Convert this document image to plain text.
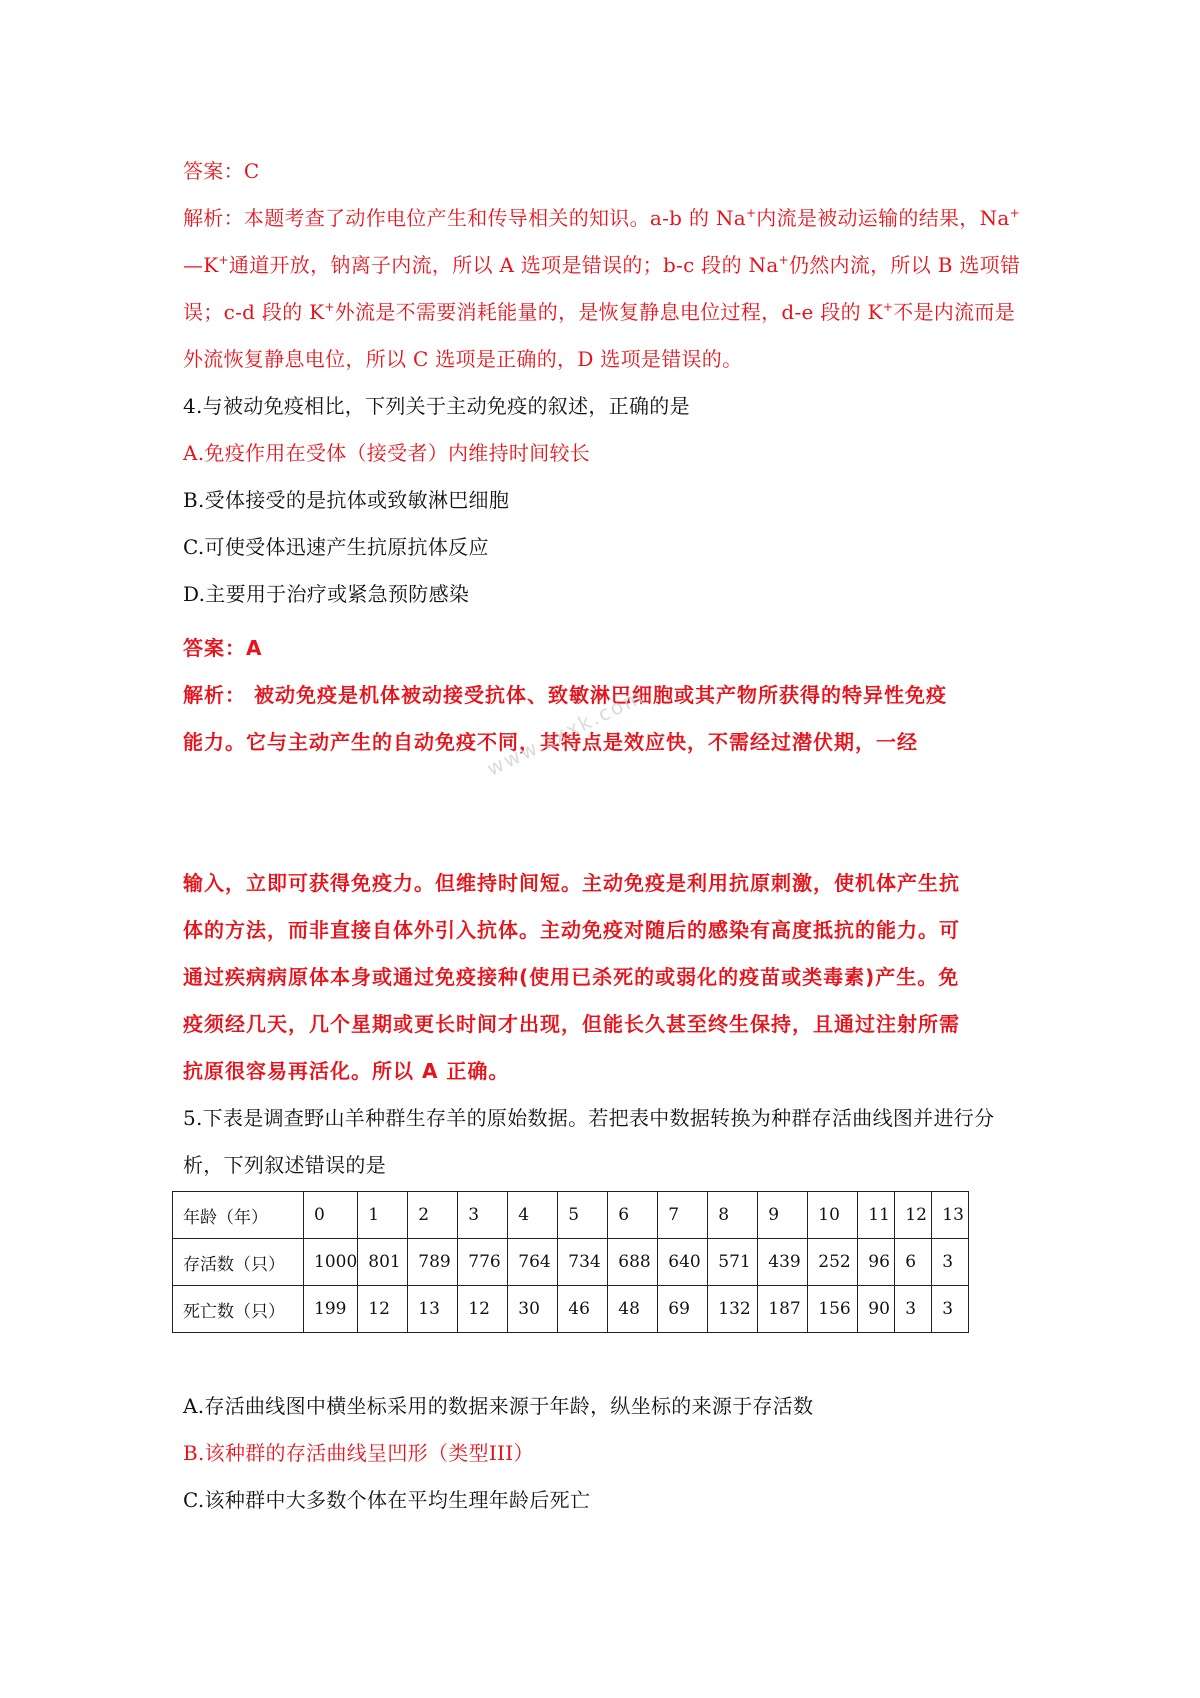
答案：C
解析：本题考查了动作电位产生和传导相关的知识。a-b 的 Na+内流是被动运输的结果，Na+
—K+通道开放，钠离子内流，所以 A 选项是错误的；b-c 段的 Na+仍然内流，所以 B 选项错
误；c-d 段的 K+外流是不需要消耗能量的，是恢复静息电位过程，d-e 段的 K+不是内流而是
外流恢复静息电位，所以 C 选项是正确的，D 选项是错误的。
4.与被动免疫相比，下列关于主动免疫的叙述，正确的是
A.免疫作用在受体（接受者）内维持时间较长
B.受体接受的是抗体或致敏淋巴细胞
C.可使受体迅速产生抗原抗体反应
D.主要用于治疗或紧急预防感染
答案：A
解析： 被动免疫是机体被动接受抗体、致敏淋巴细胞或其产物所获得的特异性免疫
能力。它与主动产生的自动免疫不同，其特点是效应快，不需经过潜伏期，一经
www.zxxk.com
输入，立即可获得免疫力。但维持时间短。主动免疫是利用抗原刺激，使机体产生抗
体的方法，而非直接自体外引入抗体。主动免疫对随后的感染有高度抵抗的能力。可
通过疾病病原体本身或通过免疫接种(使用已杀死的或弱化的疫苗或类毒素)产生。免
疫须经几天，几个星期或更长时间才出现，但能长久甚至终生保持，且通过注射所需
抗原很容易再活化。所以 A 正确。
5.下表是调查野山羊种群生存羊的原始数据。若把表中数据转换为种群存活曲线图并进行分
析，下列叙述错误的是
年龄（年）	0	1	2	3	4	5	6	7	8	9	10	11	12	13
存活数（只）	1000	801	789	776	764	734	688	640	571	439	252	96	6	3
死亡数（只）	199	12	13	12	30	46	48	69	132	187	156	90	3	3
A.存活曲线图中横坐标采用的数据来源于年龄，纵坐标的来源于存活数
B.该种群的存活曲线呈凹形（类型III）
C.该种群中大多数个体在平均生理年龄后死亡
